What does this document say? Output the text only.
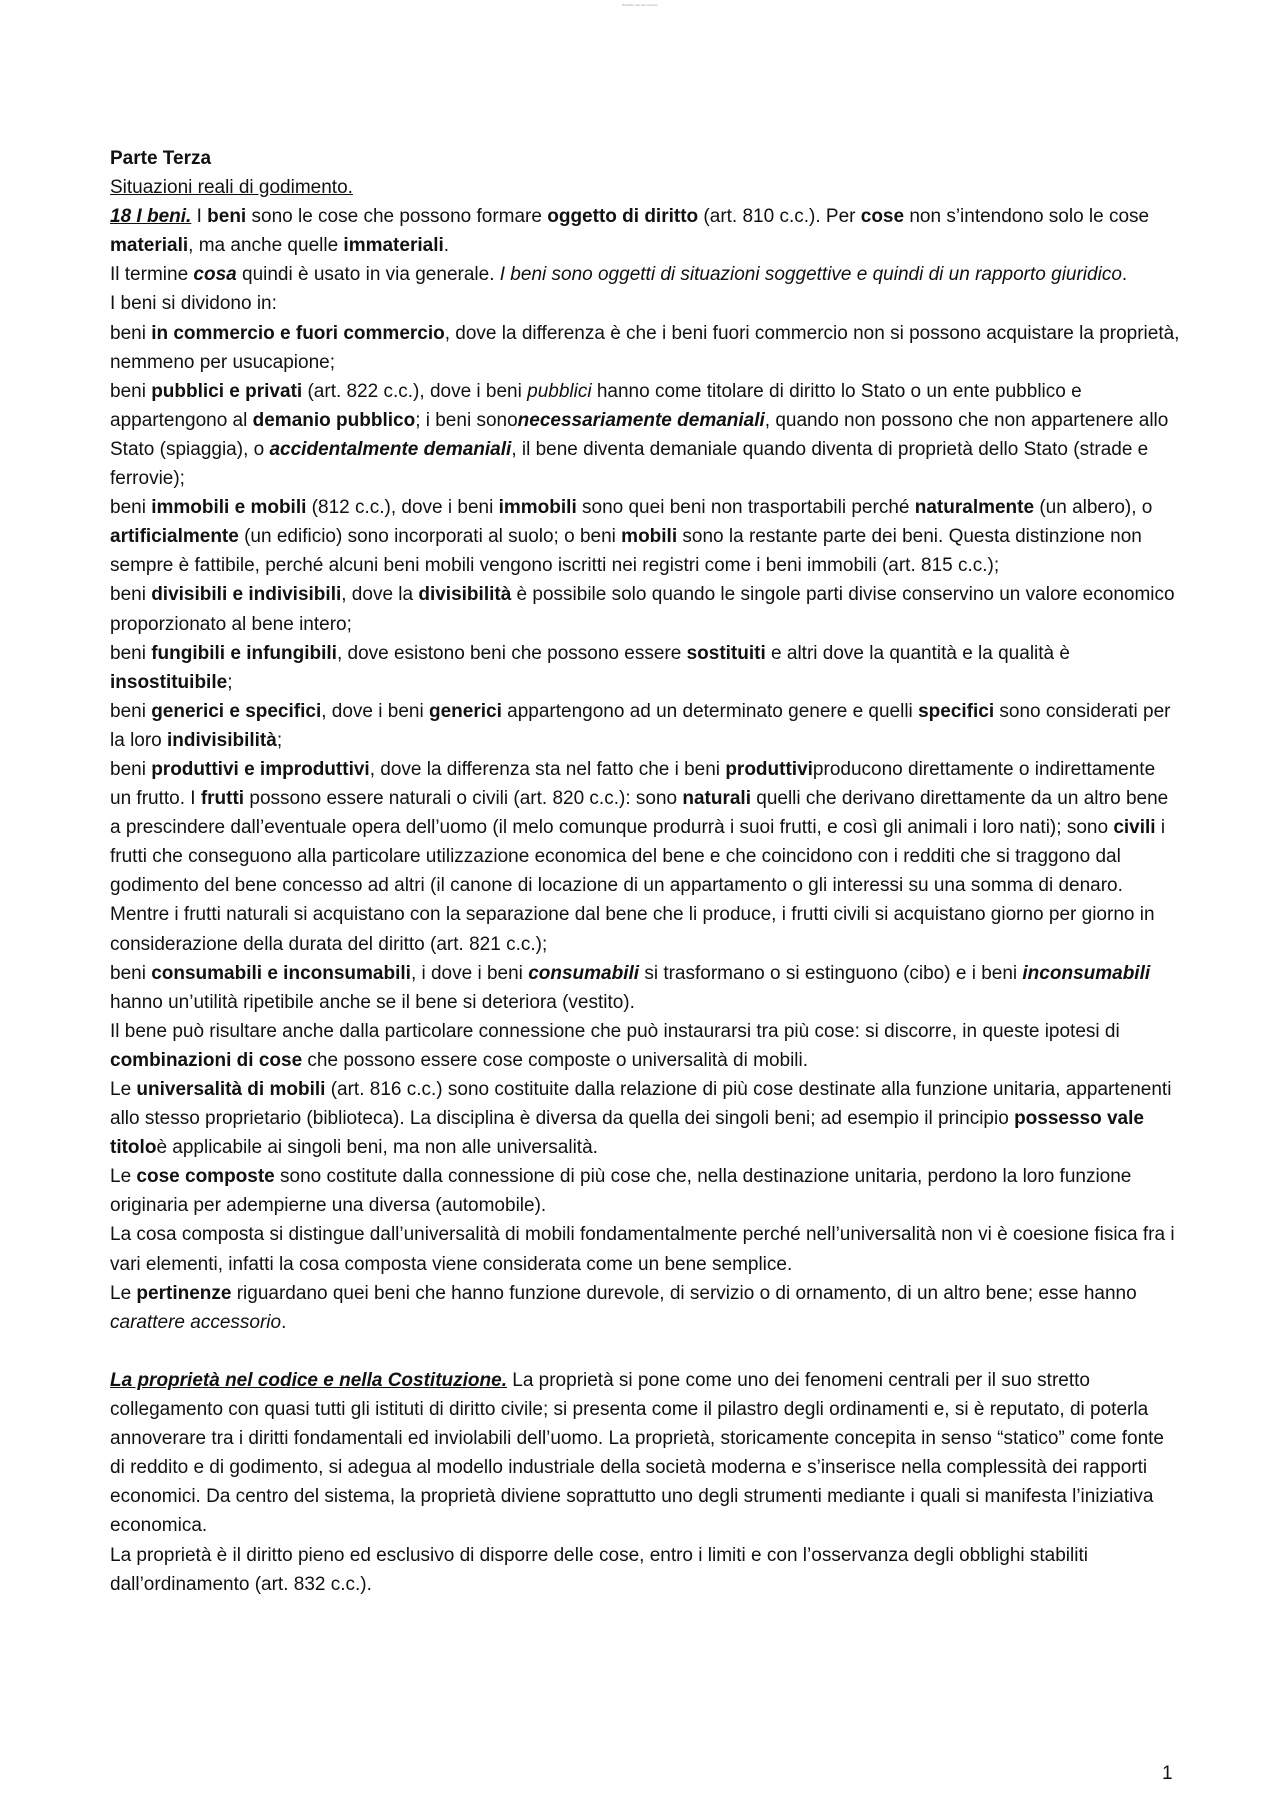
Estratto dal documento

Parte Terza

Situazioni reali di godimento.

18 I beni. I beni sono le cose che possono formare oggetto di diritto (art. 810 c.c.). Per cose non s’intendono solo le cose materiali, ma anche quelle immateriali.

Il termine cosa quindi è usato in via generale. I beni sono oggetti di situazioni soggettive e quindi di un rapporto giuridico.

I beni si dividono in:

beni in commercio e fuori commercio, dove la differenza è che i beni fuori commercio non si possono acquistare la proprietà, nemmeno per usucapione;

beni pubblici e privati (art. 822 c.c.), dove i beni pubblici hanno come titolare di diritto lo Stato o un ente pubblico e appartengono al demanio pubblico; i beni sononecessariamente demaniali, quando non possono che non appartenere allo Stato (spiaggia), o accidentalmente demaniali, il bene diventa demaniale quando diventa di proprietà dello Stato (strade e ferrovie);

beni immobili e mobili (812 c.c.), dove i beni immobili sono quei beni non trasportabili perché naturalmente (un albero), o artificialmente (un edificio) sono incorporati al suolo; o beni mobili sono la restante parte dei beni. Questa distinzione non sempre è fattibile, perché alcuni beni mobili vengono iscritti nei registri come i beni immobili (art. 815 c.c.);

beni divisibili e indivisibili, dove la divisibilità è possibile solo quando le singole parti divise conservino un valore economico proporzionato al bene intero;

beni fungibili e infungibili, dove esistono beni che possono essere sostituiti e altri dove la quantità e la qualità è insostituibile;

beni generici e specifici, dove i beni generici appartengono ad un determinato genere e quelli specifici sono considerati per la loro indivisibilità;

beni produttivi e improduttivi, dove la differenza sta nel fatto che i beni produttiviproducono direttamente o indirettamente un frutto. I frutti possono essere naturali o civili (art. 820 c.c.): sono naturali quelli che derivano direttamente da un altro bene a prescindere dall’eventuale opera dell’uomo (il melo comunque produrrà i suoi frutti, e così gli animali i loro nati); sono civili i frutti che conseguono alla particolare utilizzazione economica del bene e che coincidono con i redditi che si traggono dal godimento del bene concesso ad altri (il canone di locazione di un appartamento o gli interessi su una somma di denaro.

Mentre i frutti naturali si acquistano con la separazione dal bene che li produce, i frutti civili si acquistano giorno per giorno in considerazione della durata del diritto (art. 821 c.c.);

beni consumabili e inconsumabili, i dove i beni consumabili si trasformano o si estinguono (cibo) e i beni inconsumabili hanno un’utilità ripetibile anche se il bene si deteriora (vestito).

Il bene può risultare anche dalla particolare connessione che può instaurarsi tra più cose: si discorre, in queste ipotesi di combinazioni di cose che possono essere cose composte o universalità di mobili.

Le universalità di mobili (art. 816 c.c.) sono costituite dalla relazione di più cose destinate alla funzione unitaria, appartenenti allo stesso proprietario (biblioteca). La disciplina è diversa da quella dei singoli beni; ad esempio il principio possesso vale titoloè applicabile ai singoli beni, ma non alle universalità.

Le cose composte sono costitute dalla connessione di più cose che, nella destinazione unitaria, perdono la loro funzione originaria per adempierne una diversa (automobile).

La cosa composta si distingue dall’universalità di mobili fondamentalmente perché nell’universalità non vi è coesione fisica fra i vari elementi, infatti la cosa composta viene considerata come un bene semplice.

Le pertinenze riguardano quei beni che hanno funzione durevole, di servizio o di ornamento, di un altro bene; esse hanno carattere accessorio.

La proprietà nel codice e nella Costituzione. La proprietà si pone come uno dei fenomeni centrali per il suo stretto collegamento con quasi tutti gli istituti di diritto civile; si presenta come il pilastro degli ordinamenti e, si è reputato, di poterla annoverare tra i diritti fondamentali ed inviolabili dell’uomo. La proprietà, storicamente concepita in senso “statico” come fonte di reddito e di godimento, si adegua al modello industriale della società moderna e s’inserisce nella complessità dei rapporti economici. Da centro del sistema, la proprietà diviene soprattutto uno degli strumenti mediante i quali si manifesta l’iniziativa economica.

La proprietà è il diritto pieno ed esclusivo di disporre delle cose, entro i limiti e con l’osservanza degli obblighi stabiliti dall’ordinamento (art. 832 c.c.).

1
